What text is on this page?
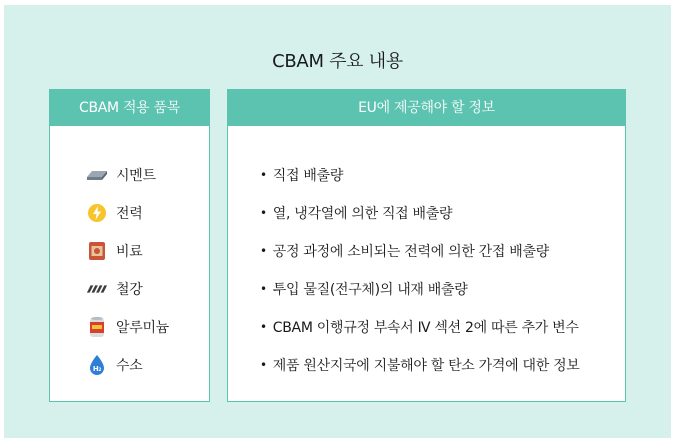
CBAM 주요 내용
CBAM 적용 품목
시멘트
전력
비료
철강
알루미늄
H₂ 수소
EU에 제공해야 할 정보
• 직접 배출량
• 열, 냉각열에 의한 직접 배출량
• 공정 과정에 소비되는 전력에 의한 간접 배출량
• 투입 물질(전구체)의 내재 배출량
• CBAM 이행규정 부속서 Ⅳ 섹션 2에 따른 추가 변수
• 제품 원산지국에 지불해야 할 탄소 가격에 대한 정보
